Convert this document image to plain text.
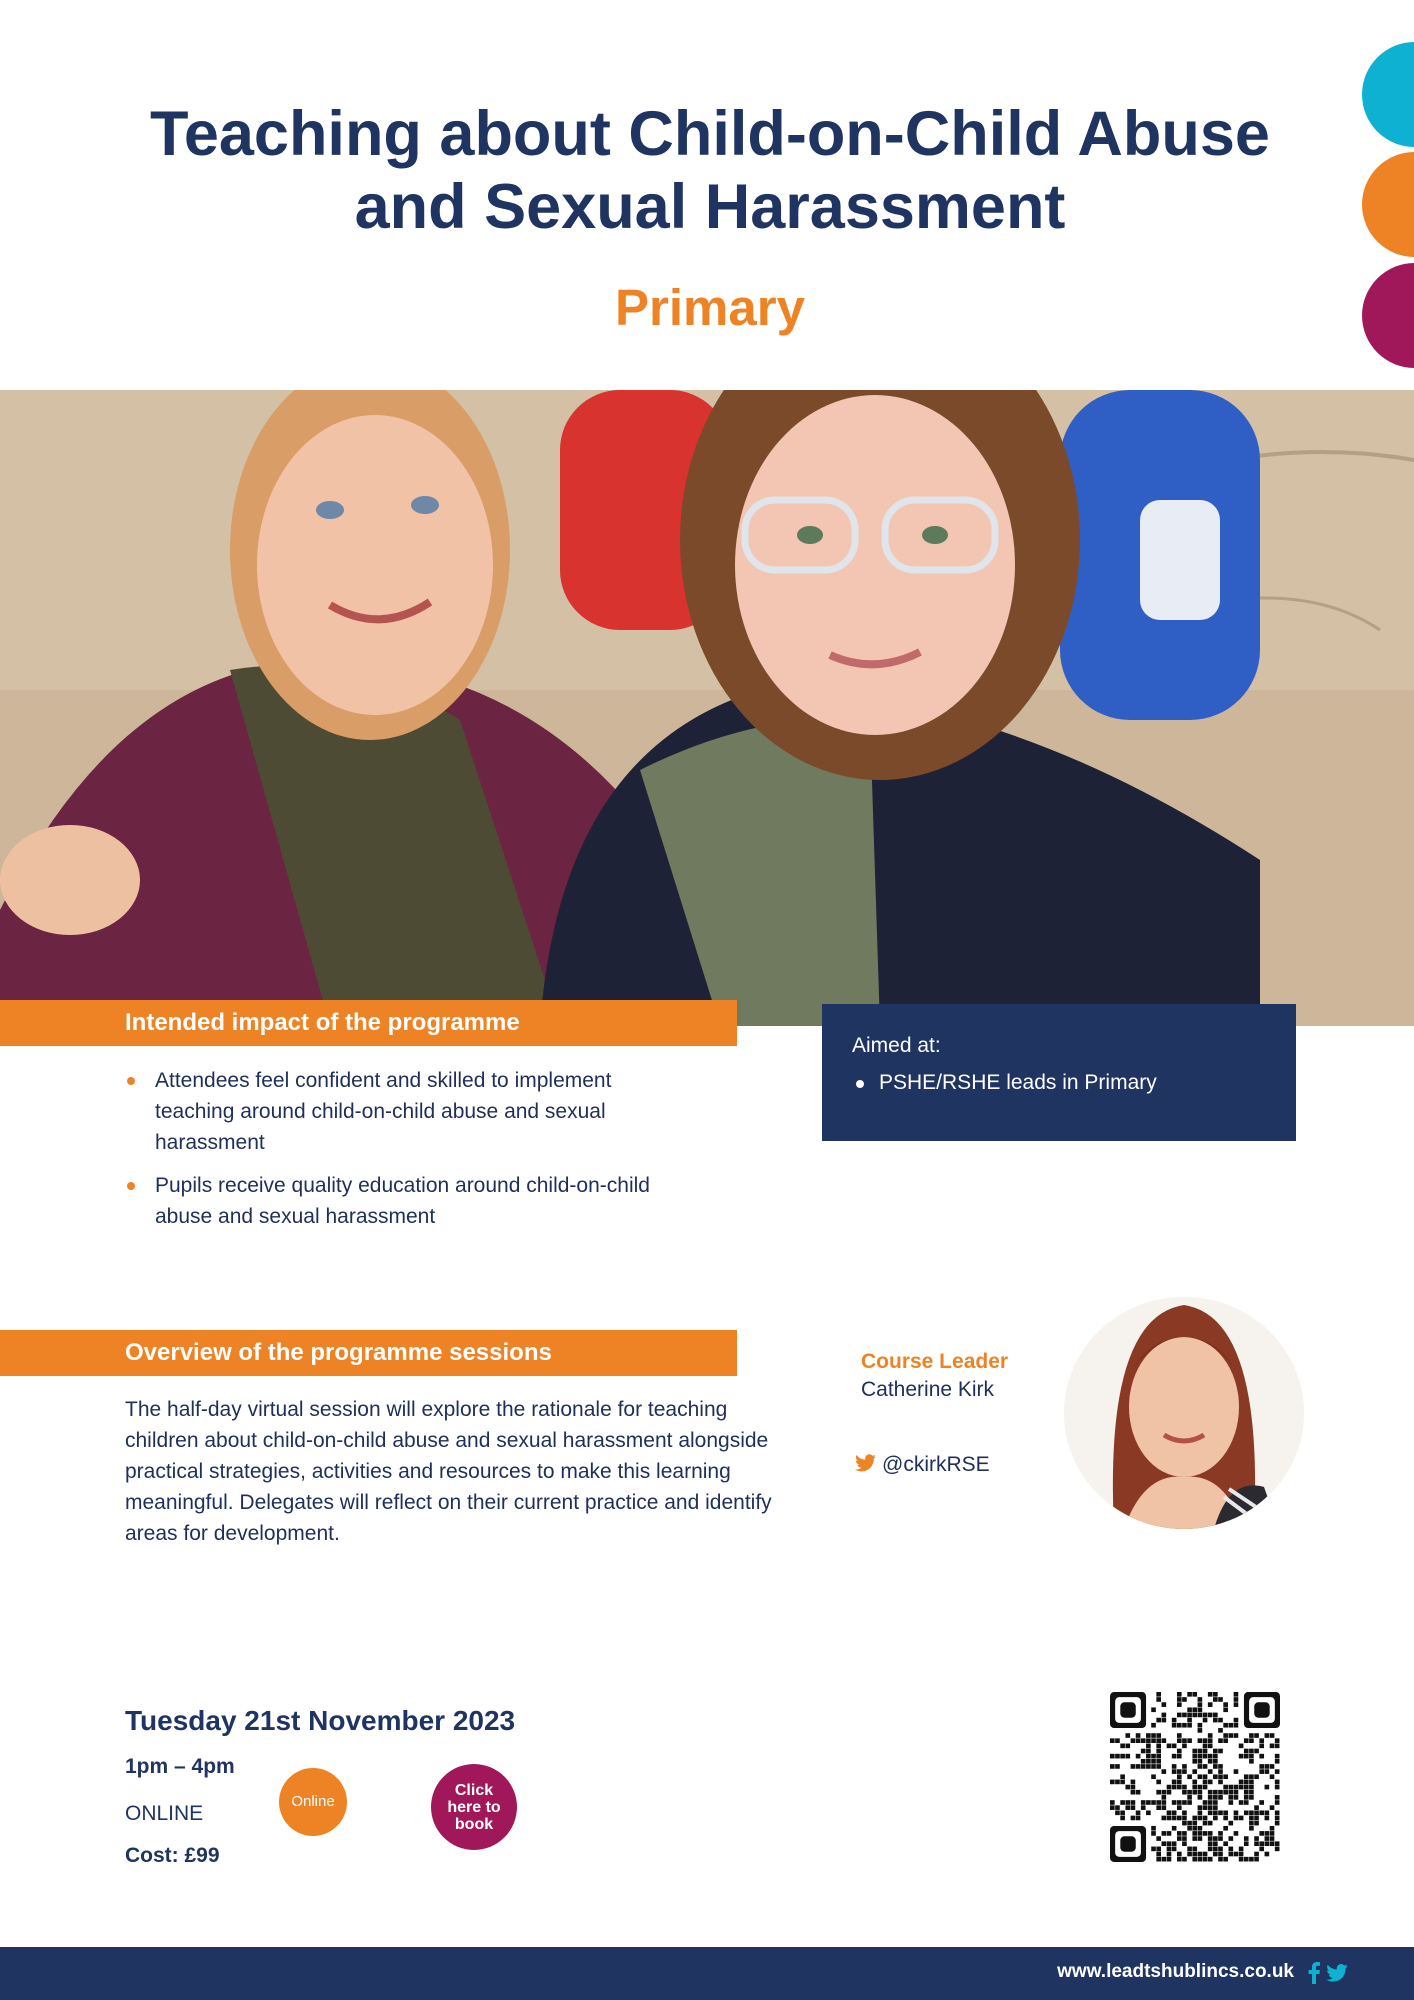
Teaching about Child-on-Child Abuse
and Sexual Harassment
Primary
Intended impact of the programme
Attendees feel confident and skilled to implement teaching around child-on-child abuse and sexual harassment
Pupils receive quality education around child-on-child abuse and sexual harassment
Aimed at:
PSHE/RSHE leads in Primary
Overview of the programme sessions
The half-day virtual session will explore the rationale for teaching children about child-on-child abuse and sexual harassment alongside practical strategies, activities and resources to make this learning meaningful. Delegates will reflect on their current practice and identify areas for development.
Course Leader
Catherine Kirk
@ckirkRSE
Tuesday 21st November 2023
1pm – 4pm
ONLINE
Cost: £99
Online
Click
here to
book
www.leadtshublincs.co.uk
